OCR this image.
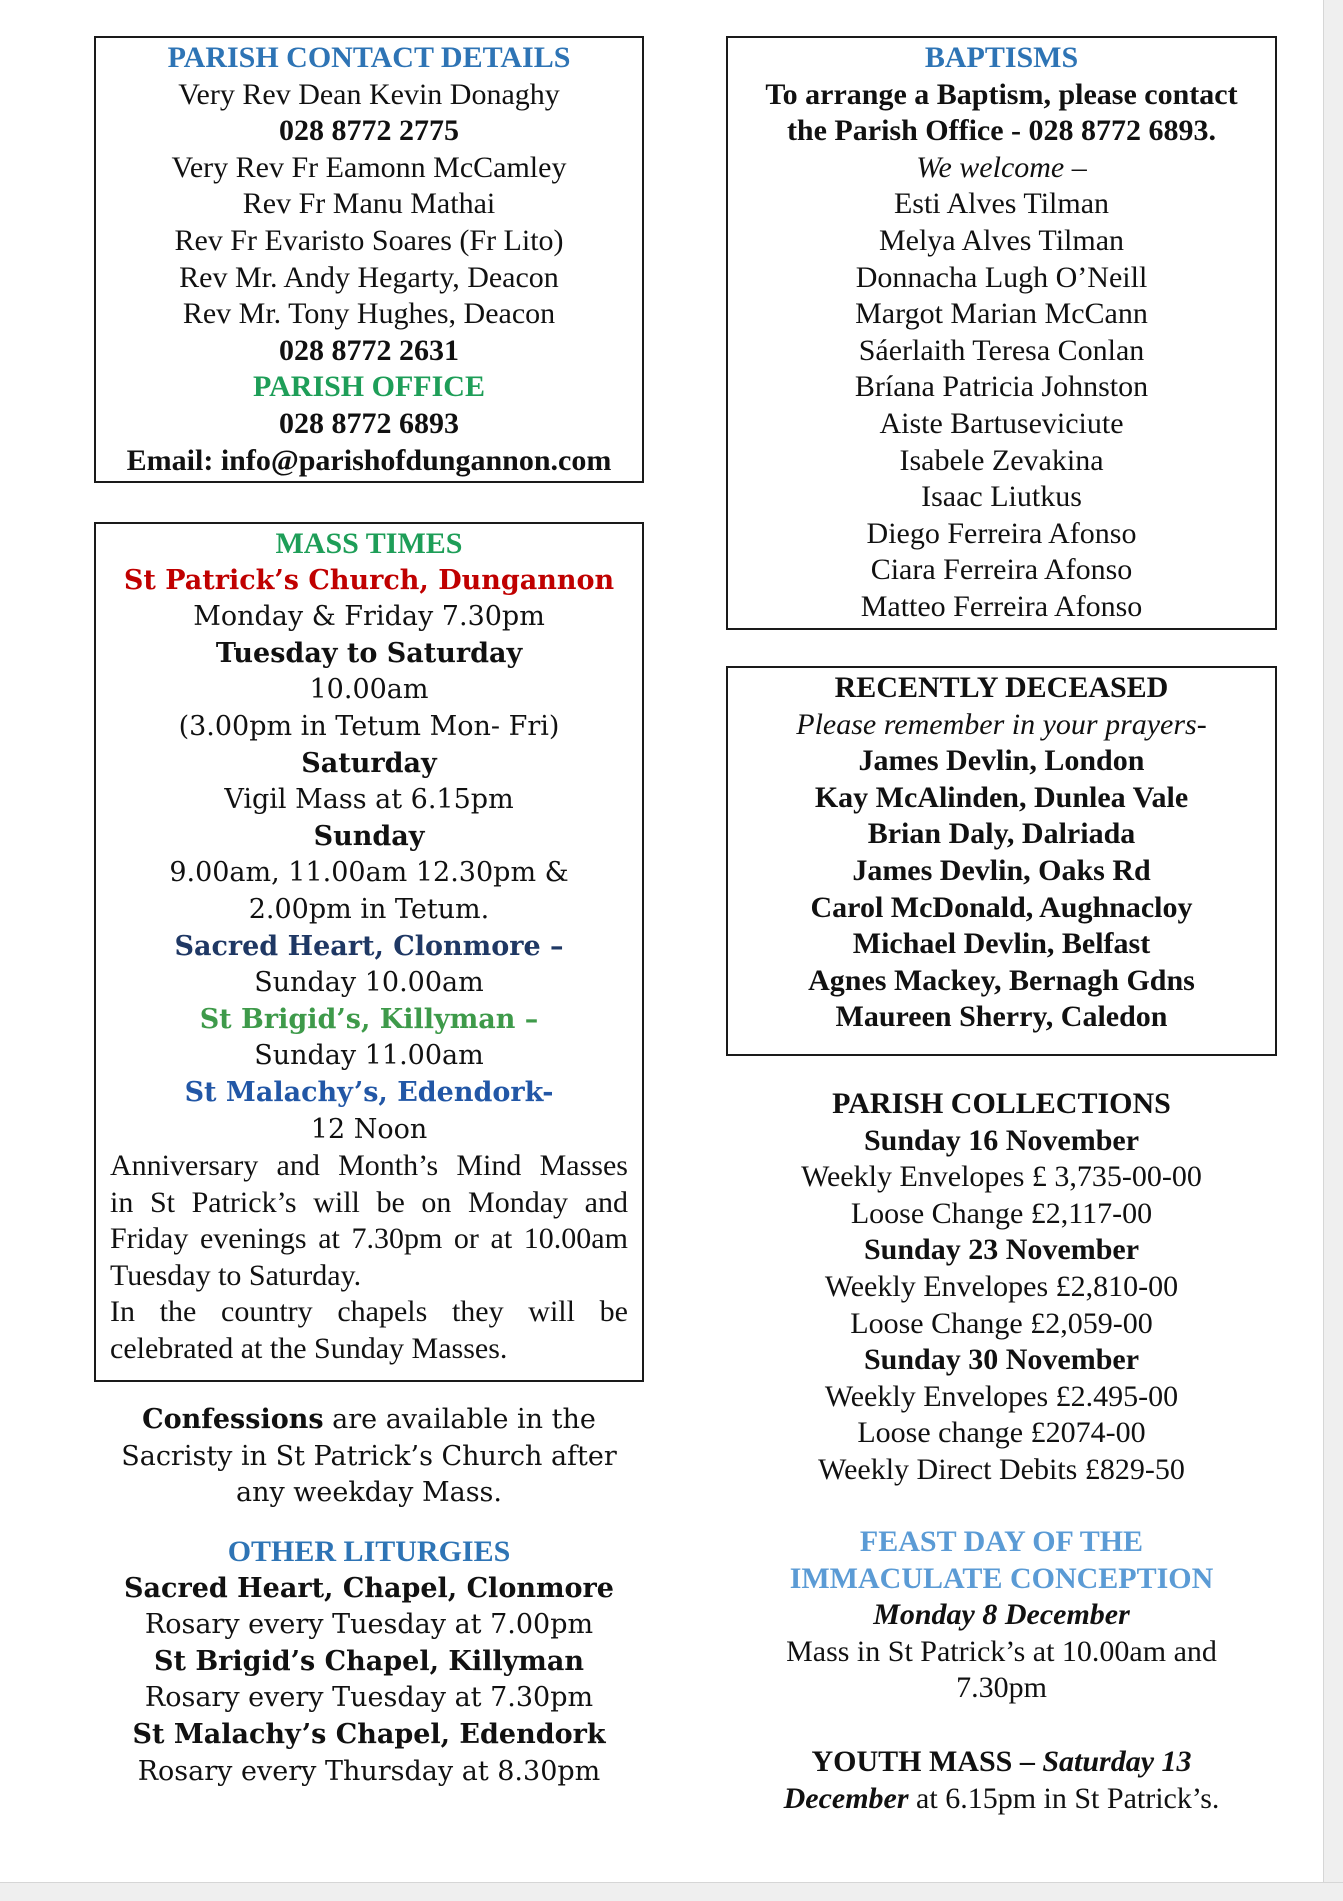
PARISH CONTACT DETAILS
Very Rev Dean Kevin Donaghy
028 8772 2775
Very Rev Fr Eamonn McCamley
Rev Fr Manu Mathai
Rev Fr Evaristo Soares (Fr Lito)
Rev Mr. Andy Hegarty, Deacon
Rev Mr. Tony Hughes, Deacon
028 8772 2631
PARISH OFFICE
028 8772 6893
Email: info@parishofdungannon.com
MASS TIMES
St Patrick’s Church, Dungannon
Monday & Friday 7.30pm
Tuesday to Saturday
10.00am
(3.00pm in Tetum Mon- Fri)
Saturday
Vigil Mass at 6.15pm
Sunday
9.00am, 11.00am 12.30pm &
2.00pm in Tetum.
Sacred Heart, Clonmore –
Sunday 10.00am
St Brigid’s, Killyman –
Sunday 11.00am
St Malachy’s, Edendork-
12 Noon
Anniversary and Month’s Mind Masses
in St Patrick’s will be on Monday and
Friday evenings at 7.30pm or at 10.00am
Tuesday to Saturday.
In the country chapels they will be
celebrated at the Sunday Masses.
Confessions are available in the
Sacristy in St Patrick’s Church after
any weekday Mass.
OTHER LITURGIES
Sacred Heart, Chapel, Clonmore
Rosary every Tuesday at 7.00pm
St Brigid’s Chapel, Killyman
Rosary every Tuesday at 7.30pm
St Malachy’s Chapel, Edendork
Rosary every Thursday at 8.30pm
BAPTISMS
To arrange a Baptism, please contact
the Parish Office - 028 8772 6893.
We welcome –
Esti Alves Tilman
Melya Alves Tilman
Donnacha Lugh O’Neill
Margot Marian McCann
Sáerlaith Teresa Conlan
Bríana Patricia Johnston
Aiste Bartuseviciute
Isabele Zevakina
Isaac Liutkus
Diego Ferreira Afonso
Ciara Ferreira Afonso
Matteo Ferreira Afonso
RECENTLY DECEASED
Please remember in your prayers-
James Devlin, London
Kay McAlinden, Dunlea Vale
Brian Daly, Dalriada
James Devlin, Oaks Rd
Carol McDonald, Aughnacloy
Michael Devlin, Belfast
Agnes Mackey, Bernagh Gdns
Maureen Sherry, Caledon
PARISH COLLECTIONS
Sunday 16 November
Weekly Envelopes £ 3,735-00-00
Loose Change £2,117-00
Sunday 23 November
Weekly Envelopes £2,810-00
Loose Change £2,059-00
Sunday 30 November
Weekly Envelopes £2.495-00
Loose change £2074-00
Weekly Direct Debits £829-50
FEAST DAY OF THE
IMMACULATE CONCEPTION
Monday 8 December
Mass in St Patrick’s at 10.00am and
7.30pm
YOUTH MASS – Saturday 13
December at 6.15pm in St Patrick’s.
